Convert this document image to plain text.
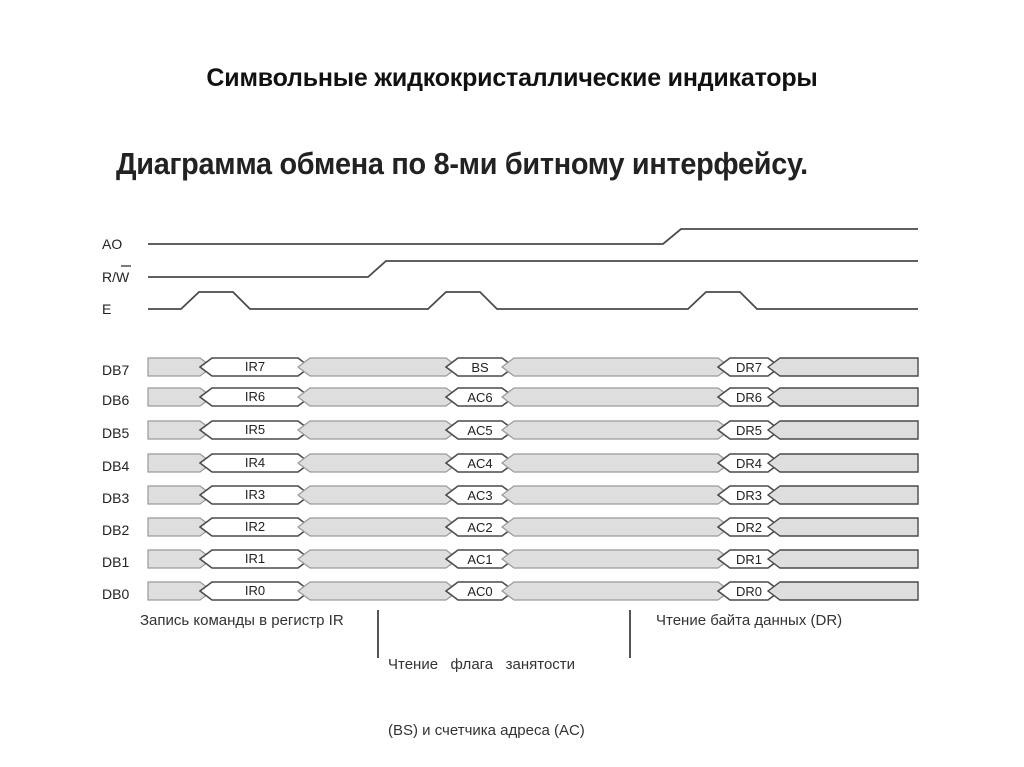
Символьные жидкокристаллические индикаторы
Диаграмма обмена по 8-ми битному интерфейсу.
AO
R/W
E
DB7	IR7	BS	DR7
DB6	IR6	AC6	DR6
DB5	IR5	AC5	DR5
DB4	IR4	AC4	DR4
DB3	IR3	AC3	DR3
DB2	IR2	AC2	DR2
DB1	IR1	AC1	DR1
DB0	IR0	AC0	DR0
Запись команды в регистр IR

Чтение   флага   занятости

(BS) и счетчика адреса (AC)

Чтение байта данных (DR)
